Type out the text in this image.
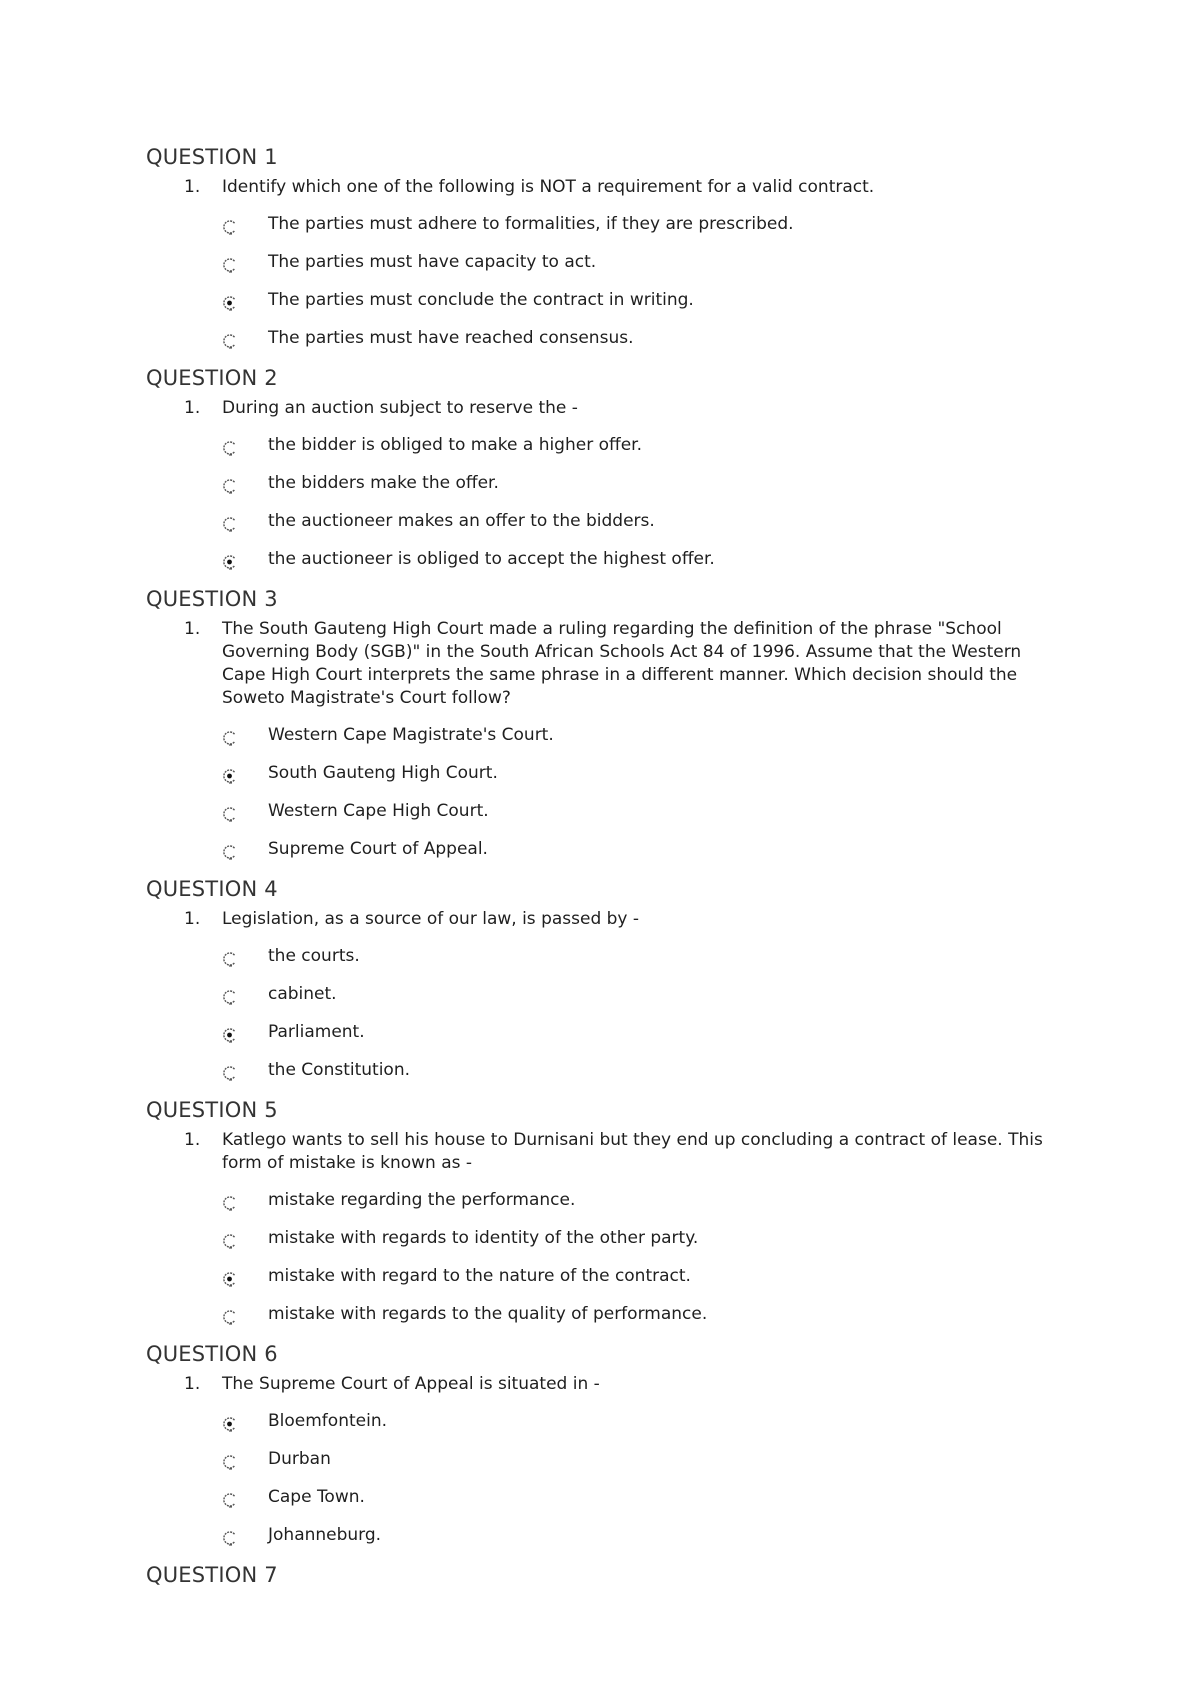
QUESTION 1
1.	Identify which one of the following is NOT a requirement for a valid contract.
The parties must adhere to formalities, if they are prescribed.
The parties must have capacity to act.
The parties must conclude the contract in writing.
The parties must have reached consensus.
QUESTION 2
1.	During an auction subject to reserve the -
the bidder is obliged to make a higher offer.
the bidders make the offer.
the auctioneer makes an offer to the bidders.
the auctioneer is obliged to accept the highest offer.
QUESTION 3
1.	The South Gauteng High Court made a ruling regarding the definition of the phrase "School Governing Body (SGB)" in the South African Schools Act 84 of 1996. Assume that the Western Cape High Court interprets the same phrase in a different manner. Which decision should the Soweto Magistrate's Court follow?
Western Cape Magistrate's Court.
South Gauteng High Court.
Western Cape High Court.
Supreme Court of Appeal.
QUESTION 4
1.	Legislation, as a source of our law, is passed by -
the courts.
cabinet.
Parliament.
the Constitution.
QUESTION 5
1.	Katlego wants to sell his house to Durnisani but they end up concluding a contract of lease. This form of mistake is known as -
mistake regarding the performance.
mistake with regards to identity of the other party.
mistake with regard to the nature of the contract.
mistake with regards to the quality of performance.
QUESTION 6
1.	The Supreme Court of Appeal is situated in -
Bloemfontein.
Durban
Cape Town.
Johanneburg.
QUESTION 7
